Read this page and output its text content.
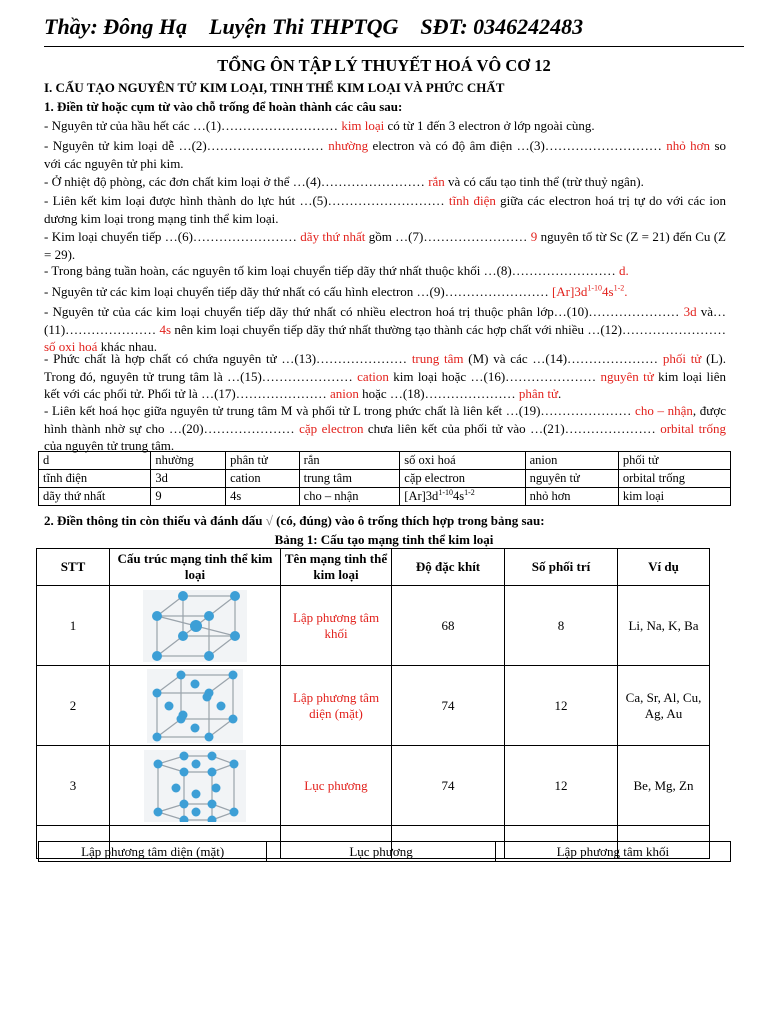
Thầy: Đông Hạ    Luyện Thi THPTQG    SĐT: 0346242483
TỔNG ÔN TẬP LÝ THUYẾT HOÁ VÔ CƠ 12
I. CẤU TẠO NGUYÊN TỬ KIM LOẠI, TINH THỂ KIM LOẠI VÀ PHỨC CHẤT
1. Điền từ hoặc cụm từ vào chỗ trống để hoàn thành các câu sau:
- Nguyên tử của hầu hết các …(1)……………………… kim loại có từ 1 đến 3 electron ở lớp ngoài cùng.
- Nguyên tử kim loại dễ …(2)……………………… nhường electron và có độ âm điện …(3)……………………… nhỏ hơn so với các nguyên tử phi kim.
- Ở nhiệt độ phòng, các đơn chất kim loại ở thể …(4)…………………… rắn và có cấu tạo tinh thể (trừ thuỷ ngân).
- Liên kết kim loại được hình thành do lực hút …(5)……………………… tĩnh điện giữa các electron hoá trị tự do với các ion dương kim loại trong mạng tinh thể kim loại.
- Kim loại chuyển tiếp …(6)…………………… dãy thứ nhất gồm …(7)…………………… 9 nguyên tố từ Sc (Z = 21) đến Cu (Z = 29).
- Trong bảng tuần hoàn, các nguyên tố kim loại chuyển tiếp dãy thứ nhất thuộc khối …(8)…………………… d.
- Nguyên tử các kim loại chuyển tiếp dãy thứ nhất có cấu hình electron …(9)…………………… $[Ar]3d^{1-10}4s^{1-2}$.
- Nguyên tử của các kim loại chuyển tiếp dãy thứ nhất có nhiều electron hoá trị thuộc phân lớp…(10)………………… 3d và…(11)………………… 4s nên kim loại chuyển tiếp dãy thứ nhất thường tạo thành các hợp chất với nhiều …(12)…………………… số oxi hoá khác nhau.
- Phức chất là hợp chất có chứa nguyên tử …(13)………………… trung tâm (M) và các …(14)………………… phối tử (L). Trong đó, nguyên tử trung tâm là …(15)………………… cation kim loại hoặc …(16)………………… nguyên tử kim loại liên kết với các phối tử. Phối tử là …(17)………………… anion hoặc …(18)………………… phân tử.
- Liên kết hoá học giữa nguyên tử trung tâm M và phối tử L trong phức chất là liên kết …(19)………………… cho – nhận, được hình thành nhờ sự cho …(20)………………… cặp electron chưa liên kết của phối tử vào …(21)………………… orbital trống của nguyên tử trung tâm.
d	nhường	phân tử	rắn	số oxi hoá	anion	phối tử
tĩnh điện	3d	cation	trung tâm	cặp electron	nguyên tử	orbital trống
dãy thứ nhất	9	4s	cho – nhận	$[Ar]3d^{1-10}4s^{1-2}$	nhỏ hơn	kim loại
2. Điền thông tin còn thiếu và đánh dấu √ (có, đúng) vào ô trống thích hợp trong bảng sau:
Bảng 1: Cấu tạo mạng tinh thể kim loại
STT	Cấu trúc mạng tinh thể kim loại	Tên mạng tinh thể kim loại	Độ đặc khít	Số phối trí	Ví dụ
1		Lập phương tâm khối	68	8	Li, Na, K, Ba
2		Lập phương tâm diện (mặt)	74	12	Ca, Sr, Al, Cu, Ag, Au
3		Lục phương	74	12	Be, Mg, Zn

Lập phương tâm diện (mặt)	Lục phương	Lập phương tâm khối
